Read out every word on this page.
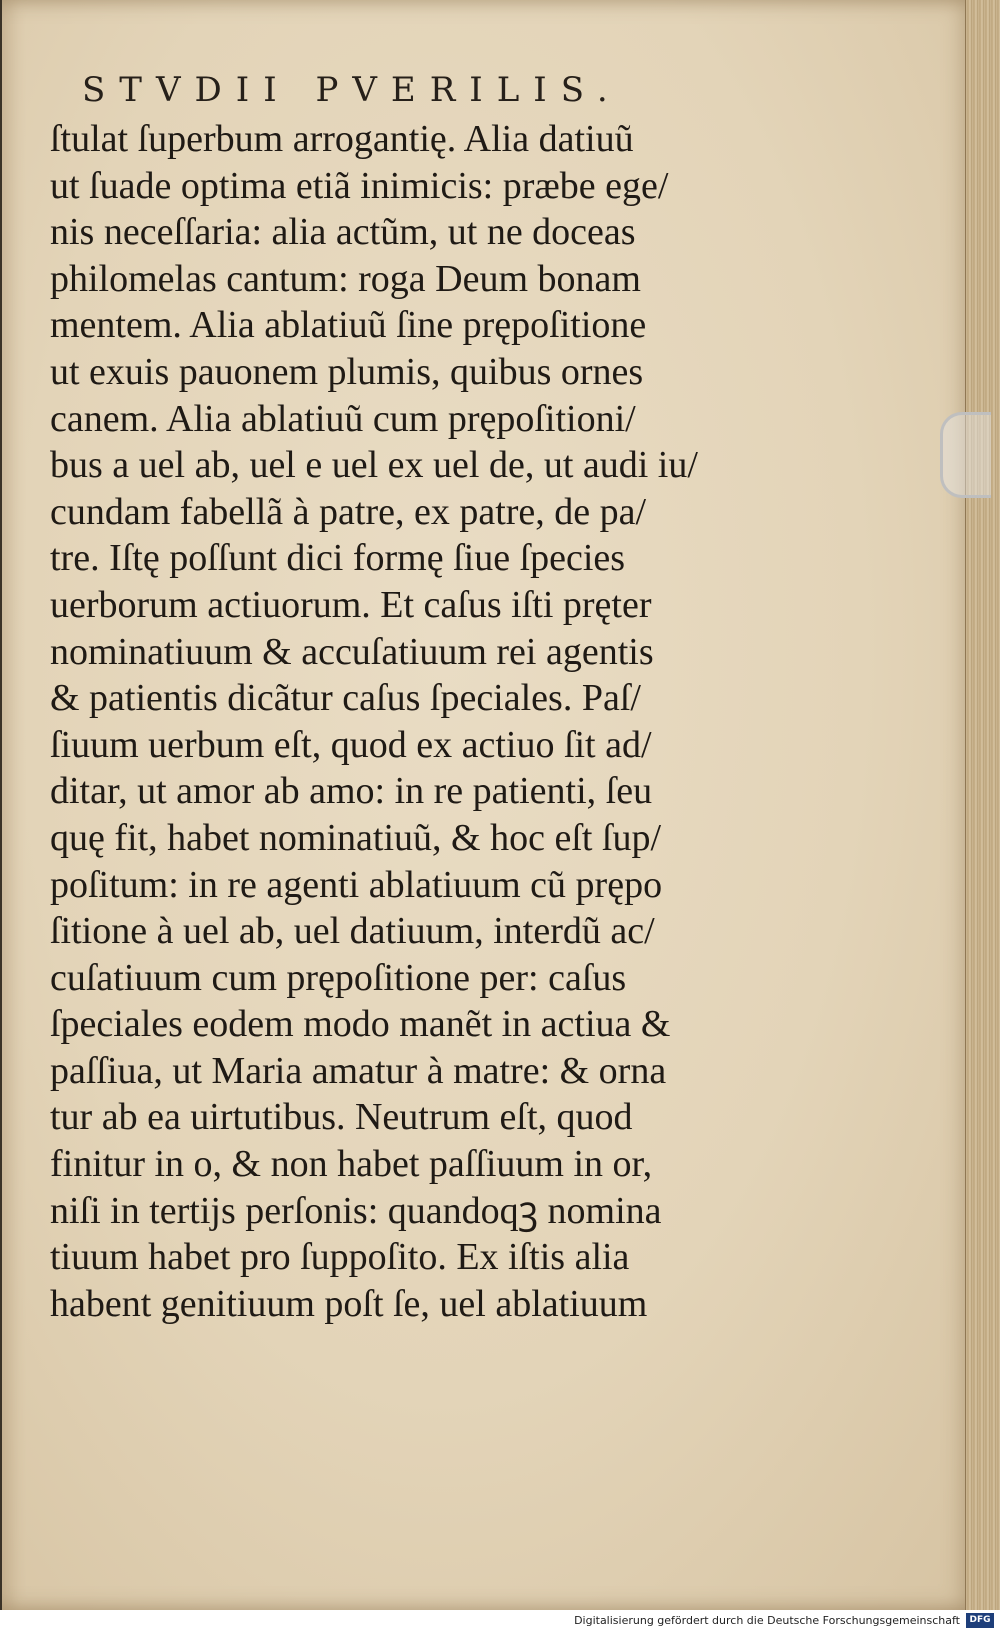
STVDII PVERILIS.
ſtulat ſuperbum arrogantię. Alia datiuũ
ut ſuade optima etiã inimicis: præbe ege/
nis neceſſaria: alia actũm, ut ne doceas
philomelas cantum: roga Deum bonam
mentem. Alia ablatiuũ ſine prępoſitione
ut exuis pauonem plumis, quibus ornes
canem. Alia ablatiuũ cum prępoſitioni/
bus a uel ab, uel e uel ex uel de, ut audi iu/
cundam fabellã à patre, ex patre, de pa/
tre. Iſtę poſſunt dici formę ſiue ſpecies
uerborum actiuorum. Et caſus iſti pręter
nominatiuum & accuſatiuum rei agentis
& patientis dicãtur caſus ſpeciales. Paſ/
ſiuum uerbum eſt, quod ex actiuo ſit ad/
ditar, ut amor ab amo: in re patienti, ſeu
quę fit, habet nominatiuũ, & hoc eſt ſup/
poſitum: in re agenti ablatiuum cũ prępo
ſitione à uel ab, uel datiuum, interdũ ac/
cuſatiuum cum prępoſitione per: caſus
ſpeciales eodem modo manẽt in actiua &
paſſiua, ut Maria amatur à matre: & orna
tur ab ea uirtutibus. Neutrum eſt, quod
finitur in o, & non habet paſſiuum in or,
niſi in tertijs perſonis: quandoqꝫ nomina
tiuum habet pro ſuppoſito. Ex iſtis alia
habent genitiuum poſt ſe, uel ablatiuum
Digitalisierung gefördert durch die Deutsche Forschungsgemeinschaft	DFG
